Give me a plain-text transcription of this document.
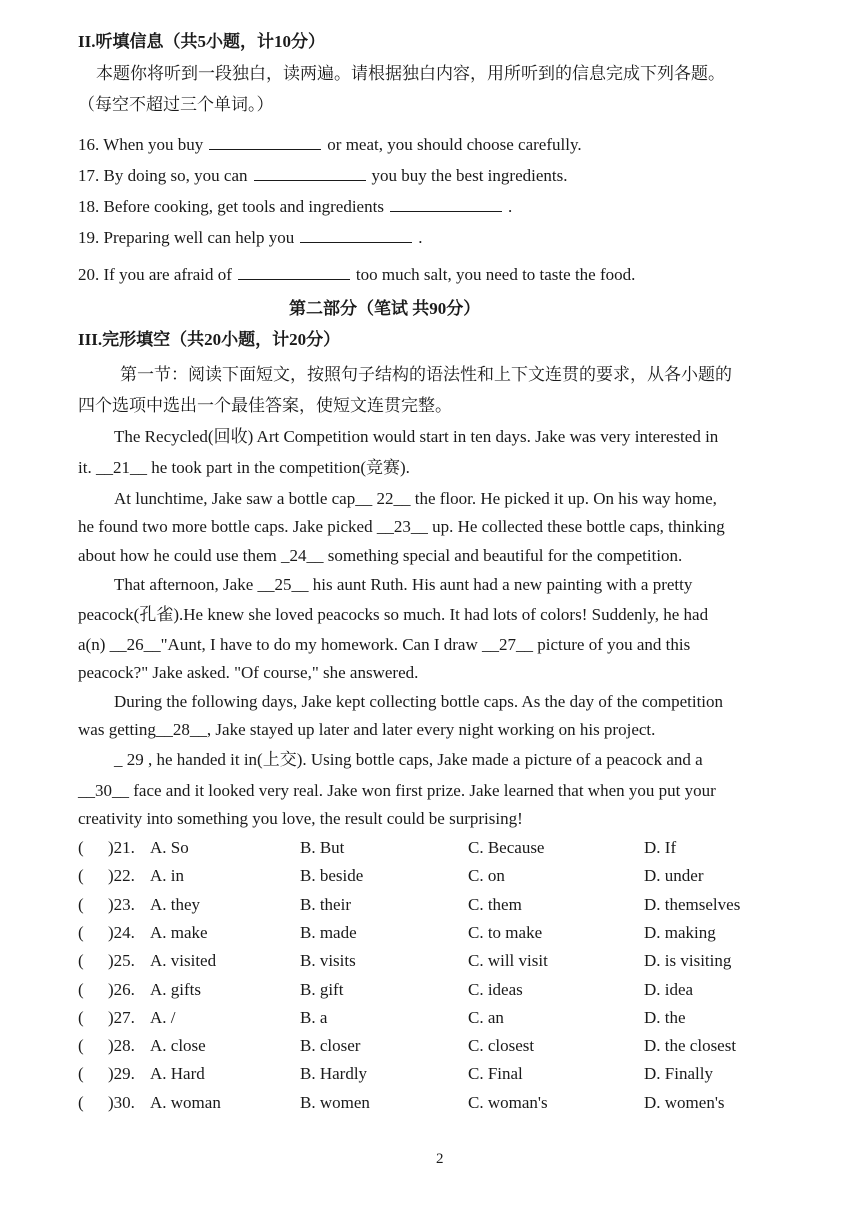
II.听填信息（共5小题，计10分）
本题你将听到一段独白，读两遍。请根据独白内容，用所听到的信息完成下列各题。
（每空不超过三个单词。）
16. When you buy	or meat, you should choose carefully.
17. By doing so, you can	you buy the best ingredients.
18. Before cooking, get tools and ingredients	.
19. Preparing well can help you	.
20. If you are afraid of	too much salt, you need to taste the food.
第二部分（笔试 共90分）
III.完形填空（共20小题，计20分）
第一节：阅读下面短文，按照句子结构的语法性和上下文连贯的要求，从各小题的
四个选项中选出一个最佳答案，使短文连贯完整。
The Recycled(回收) Art Competition would start in ten days. Jake was very interested in
it. __21__ he took part in the competition(竞赛).
At lunchtime, Jake saw a bottle cap__ 22__ the floor. He picked it up. On his way home,
he found two more bottle caps. Jake picked __23__ up. He collected these bottle caps, thinking
about how he could use them _24__ something special and beautiful for the competition.
That afternoon, Jake __25__ his aunt Ruth. His aunt had a new painting with a pretty
peacock(孔雀).He knew she loved peacocks so much. It had lots of colors! Suddenly, he had
a(n) __26__"Aunt, I have to do my homework. Can I draw __27__ picture of you and this
peacock?" Jake asked. "Of course," she answered.
During the following days, Jake kept collecting bottle caps. As the day of the competition
was getting__28__, Jake stayed up later and later every night working on his project.
_ 29 , he handed it in(上交). Using bottle caps, Jake made a picture of a peacock and a
__30__ face and it looked very real. Jake won first prize. Jake learned that when you put your
creativity into something you love, the result could be surprising!
( )21. A. So	B. But	C. Because	D. If
( )22. A. in	B. beside	C. on	D. under
( )23. A. they	B. their	C. them	D. themselves
( )24. A. make	B. made	C. to make	D. making
( )25. A. visited	B. visits	C. will visit	D. is visiting
( )26. A. gifts	B. gift	C. ideas	D. idea
( )27. A. /	B. a	C. an	D. the
( )28. A. close	B. closer	C. closest	D. the closest
( )29. A. Hard	B. Hardly	C. Final	D. Finally
( )30. A. woman	B. women	C. woman's	D. women's
2
